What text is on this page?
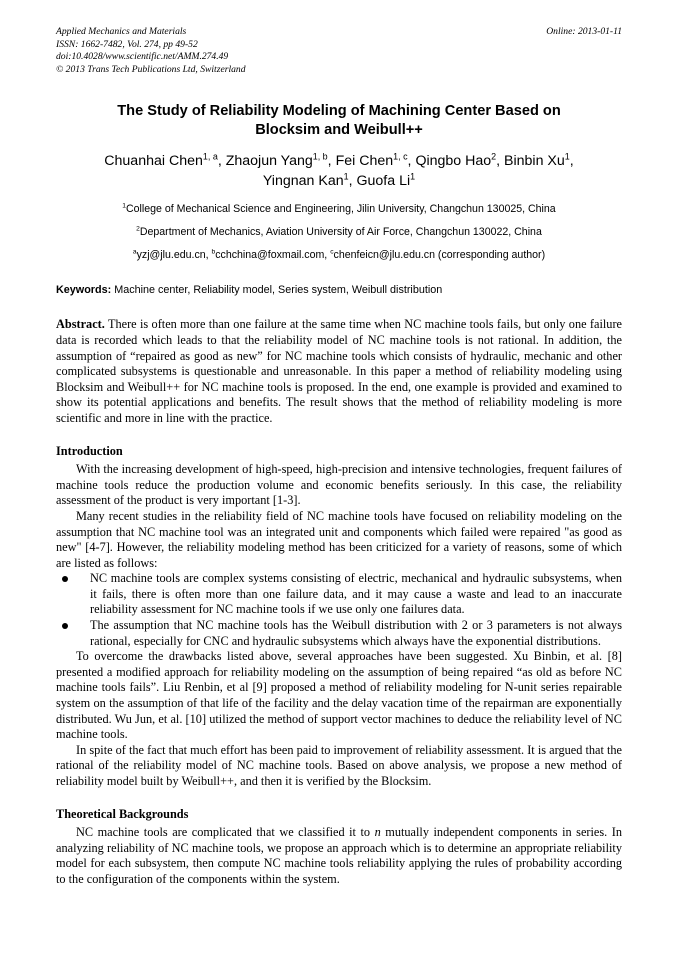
Applied Mechanics and Materials
ISSN: 1662-7482, Vol. 274, pp 49-52
doi:10.4028/www.scientific.net/AMM.274.49
© 2013 Trans Tech Publications Ltd, Switzerland
Online: 2013-01-11
The Study of Reliability Modeling of Machining Center Based on
Blocksim and Weibull++
Chuanhai Chen$^{1, a}$, Zhaojun Yang$^{1, b}$, Fei Chen$^{1, c}$, Qingbo Hao$^2$, Binbin Xu$^1$,
Yingnan Kan$^1$, Guofa Li$^1$
$^1$College of Mechanical Science and Engineering, Jilin University, Changchun 130025, China
$^2$Department of Mechanics, Aviation University of Air Force, Changchun 130022, China
$^a$yzj@jlu.edu.cn, $^b$cchchina@foxmail.com, $^c$chenfeicn@jlu.edu.cn (corresponding author)
Keywords: Machine center, Reliability model, Series system, Weibull distribution
Abstract. There is often more than one failure at the same time when NC machine tools fails, but only one failure data is recorded which leads to that the reliability model of NC machine tools is not rational. In addition, the assumption of “repaired as good as new” for NC machine tools which consists of hydraulic, mechanic and other complicated subsystems is questionable and unreasonable. In this paper a method of reliability modeling using Blocksim and Weibull++ for NC machine tools is proposed. In the end, one example is provided and examined to show its potential applications and benefits. The result shows that the method of reliability modeling is more scientific and more in line with the practice.
Introduction

With the increasing development of high-speed, high-precision and intensive technologies, frequent failures of machine tools reduce the production volume and economic benefits seriously. In this case, the reliability assessment of the product is very important [1-3].

Many recent studies in the reliability field of NC machine tools have focused on reliability modeling on the assumption that NC machine tool was an integrated unit and components which failed were repaired "as good as new" [4-7]. However, the reliability modeling method has been criticized for a variety of reasons, some of which are listed as follows:

NC machine tools are complex systems consisting of electric, mechanical and hydraulic subsystems, when it fails, there is often more than one failure data, and it may cause a waste and lead to an inaccurate reliability assessment for NC machine tools if we use only one failures data.
The assumption that NC machine tools has the Weibull distribution with 2 or 3 parameters is not always rational, especially for CNC and hydraulic subsystems which always have the exponential distributions.

To overcome the drawbacks listed above, several approaches have been suggested. Xu Binbin, et al. [8] presented a modified approach for reliability modeling on the assumption of being repaired “as old as before NC machine tools fails”. Liu Renbin, et al [9] proposed a method of reliability modeling for N-unit series repairable system on the assumption of that life of the facility and the delay vacation time of the repairman are exponentially distributed. Wu Jun, et al. [10] utilized the method of support vector machines to deduce the reliability level of NC machine tools.

In spite of the fact that much effort has been paid to improvement of reliability assessment. It is argued that the rational of the reliability model of NC machine tools. Based on above analysis, we propose a new method of reliability model built by Weibull++, and then it is verified by the Blocksim.

Theoretical Backgrounds

NC machine tools are complicated that we classified it to n mutually independent components in series. In analyzing reliability of NC machine tools, we propose an approach which is to determine an appropriate reliability model for each subsystem, then compute NC machine tools reliability applying the rules of probability according to the configuration of the components within the system.
